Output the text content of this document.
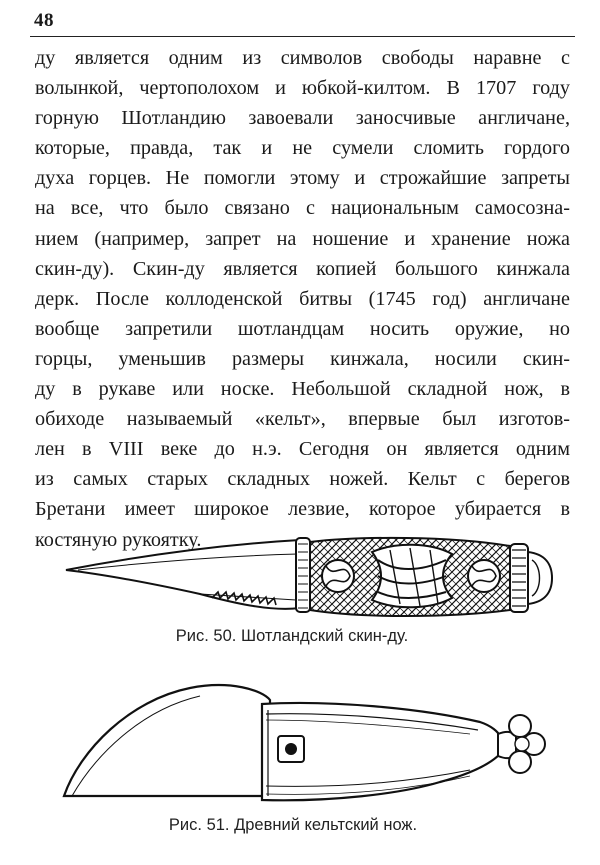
48
ду является одним из символов свободы наравне с
волынкой, чертополохом и юбкой-килтом. В 1707 году
горную Шотландию завоевали заносчивые англичане,
которые, правда, так и не сумели сломить гордого
духа горцев. Не помогли этому и строжайшие запреты
на все, что было связано с национальным самосозна-
нием (например, запрет на ношение и хранение ножа
скин-ду). Скин-ду является копией большого кинжала
дерк. После коллоденской битвы (1745 год) англичане
вообще запретили шотландцам носить оружие, но
горцы, уменьшив размеры кинжала, носили скин-
ду в рукаве или носке. Небольшой складной нож, в
обиходе называемый «кельт», впервые был изготов-
лен в VIII веке до н.э. Сегодня он является одним
из самых старых складных ножей. Кельт с берегов
Бретани имеет широкое лезвие, которое убирается в
костяную рукоятку.
Рис. 50. Шотландский скин-ду.
Рис. 51. Древний кельтский нож.
